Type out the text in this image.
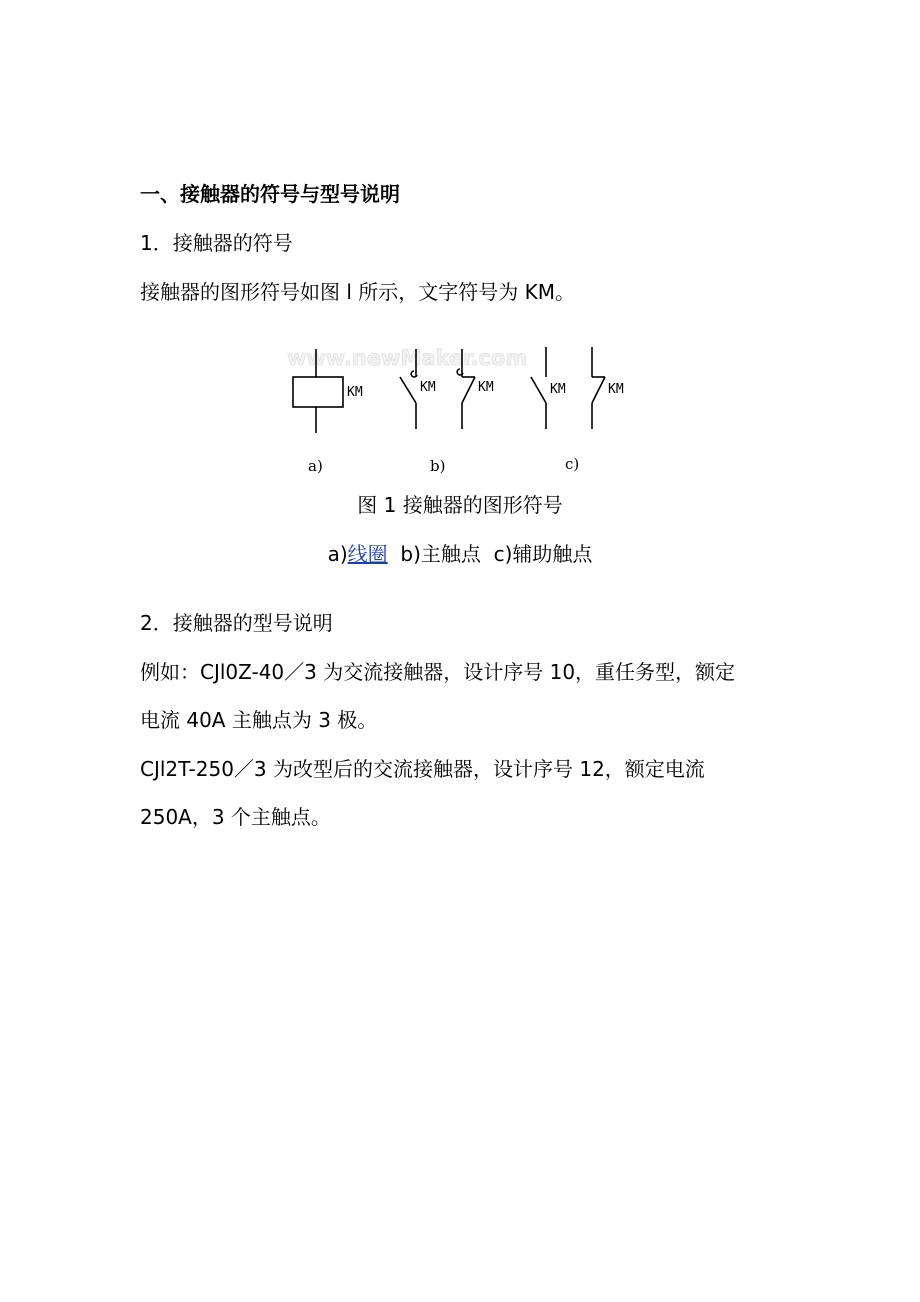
一、接触器的符号与型号说明
1．接触器的符号
接触器的图形符号如图 l 所示，文字符号为 KM。
www.newMaker.com
KM	KM	KM	KM	KM
a)	b)	c)
图 1 接触器的图形符号
a)线圈 b)主触点 c)辅助触点
2．接触器的型号说明
例如：CJl0Z-40／3 为交流接触器，设计序号 10，重任务型，额定
电流 40A 主触点为 3 极。
CJl2T-250／3 为改型后的交流接触器，设计序号 12，额定电流
250A，3 个主触点。
